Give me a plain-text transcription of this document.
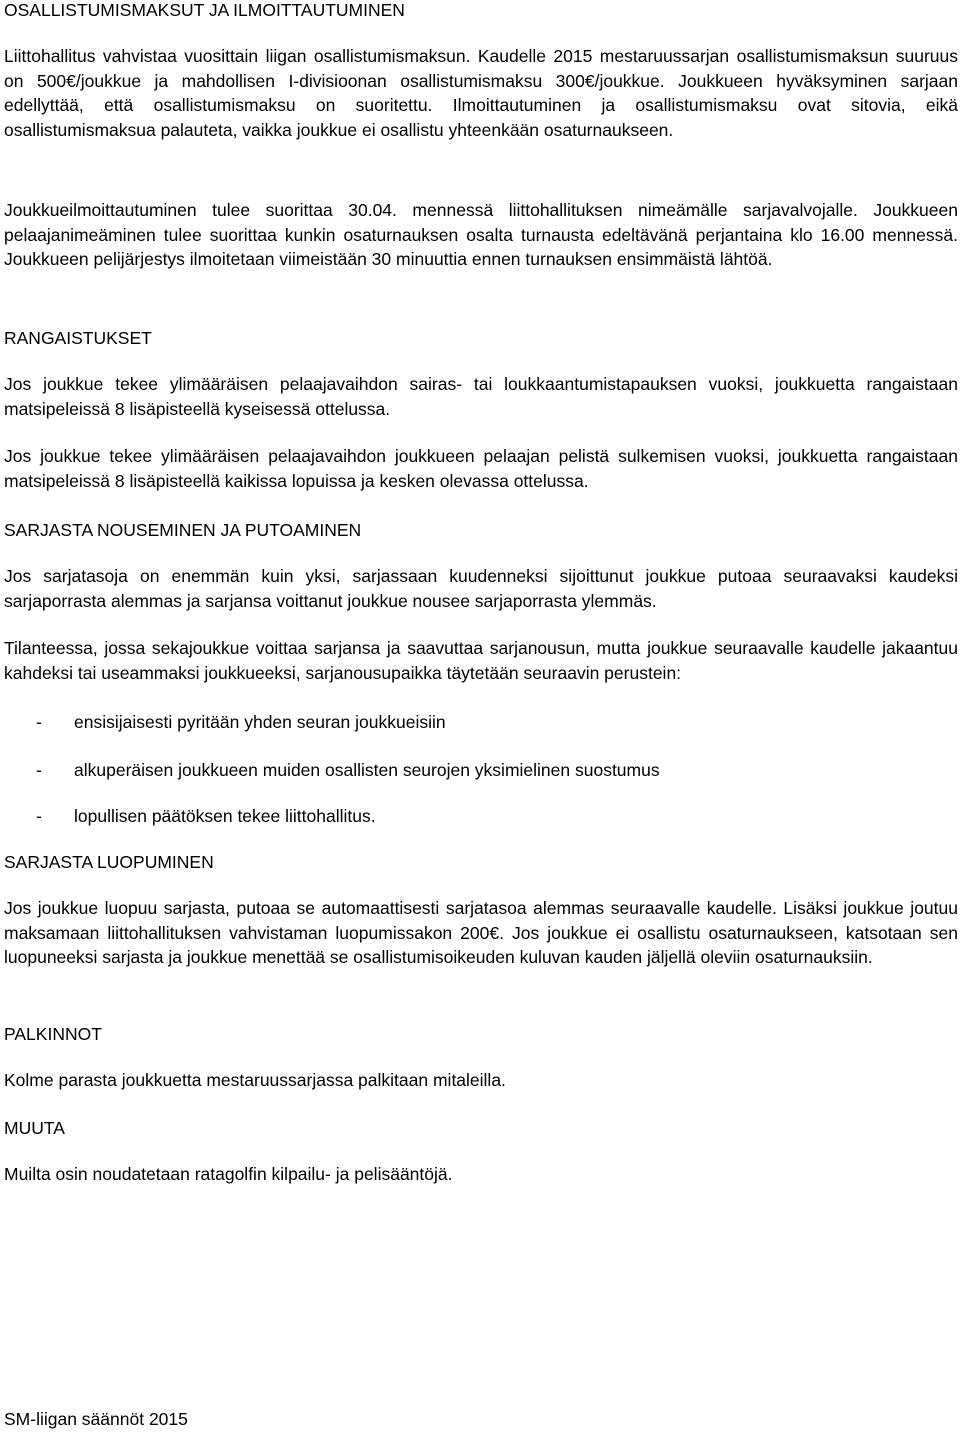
OSALLISTUMISMAKSUT JA ILMOITTAUTUMINEN

Liittohallitus vahvistaa vuosittain liigan osallistumismaksun. Kaudelle 2015 mestaruussarjan osallistumismaksun suuruus on 500€/joukkue ja mahdollisen I-divisioonan osallistumismaksu 300€/joukkue. Joukkueen hyväksyminen sarjaan edellyttää, että osallistumismaksu on suoritettu. Ilmoittautuminen ja osallistumismaksu ovat sitovia, eikä osallistumismaksua palauteta, vaikka joukkue ei osallistu yhteenkään osaturnaukseen.

Joukkueilmoittautuminen tulee suorittaa 30.04. mennessä liittohallituksen nimeämälle sarjavalvojalle. Joukkueen pelaajanimeäminen tulee suorittaa kunkin osaturnauksen osalta turnausta edeltävänä perjantaina klo 16.00 mennessä. Joukkueen pelijärjestys ilmoitetaan viimeistään 30 minuuttia ennen turnauksen ensimmäistä lähtöä.

RANGAISTUKSET

Jos joukkue tekee ylimääräisen pelaajavaihdon sairas- tai loukkaantumistapauksen vuoksi, joukkuetta rangaistaan matsipeleissä 8 lisäpisteellä kyseisessä ottelussa.

Jos joukkue tekee ylimääräisen pelaajavaihdon joukkueen pelaajan pelistä sulkemisen vuoksi, joukkuetta rangaistaan matsipeleissä 8 lisäpisteellä kaikissa lopuissa ja kesken olevassa ottelussa.

SARJASTA NOUSEMINEN JA PUTOAMINEN

Jos sarjatasoja on enemmän kuin yksi, sarjassaan kuudenneksi sijoittunut joukkue putoaa seuraavaksi kaudeksi sarjaporrasta alemmas ja sarjansa voittanut joukkue nousee sarjaporrasta ylemmäs.

Tilanteessa, jossa sekajoukkue voittaa sarjansa ja saavuttaa sarjanousun, mutta joukkue seuraavalle kaudelle jakaantuu kahdeksi tai useammaksi joukkueeksi, sarjanousupaikka täytetään seuraavin perustein:

- ensisijaisesti pyritään yhden seuran joukkueisiin
- alkuperäisen joukkueen muiden osallisten seurojen yksimielinen suostumus
- lopullisen päätöksen tekee liittohallitus.

SARJASTA LUOPUMINEN

Jos joukkue luopuu sarjasta, putoaa se automaattisesti sarjatasoa alemmas seuraavalle kaudelle. Lisäksi joukkue joutuu maksamaan liittohallituksen vahvistaman luopumissakon 200€. Jos joukkue ei osallistu osaturnaukseen, katsotaan sen luopuneeksi sarjasta ja joukkue menettää se osallistumisoikeuden kuluvan kauden jäljellä oleviin osaturnauksiin.

PALKINNOT

Kolme parasta joukkuetta mestaruussarjassa palkitaan mitaleilla.

MUUTA

Muilta osin noudatetaan ratagolfin kilpailu- ja pelisääntöjä.

SM-liigan säännöt 2015
